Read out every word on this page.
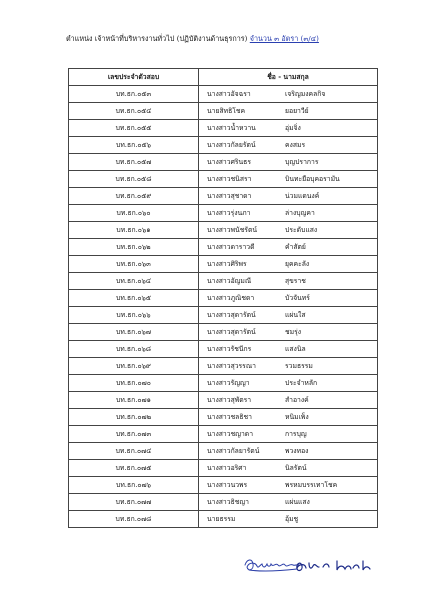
ตำแหน่ง เจ้าหน้าที่บริหารงานทั่วไป (ปฏิบัติงานด้านธุรการ) จำนวน ๓ อัตรา (๓/๔)
เลขประจำตัวสอบ	ชื่อ - นามสกุล
บท.ธก.๐๕๓	นางสาวอัจฉรา เจริญมงคลกิจ
บท.ธก.๐๕๔	นายสิทธิโชค ยอยาวีย์
บท.ธก.๐๕๕	นางสาวน้ำหวาน อุ่มจิ่ง
บท.ธก.๐๕๖	นางสาวกัลยรัตน์ คงสมร
บท.ธก.๐๕๗	นางสาวศรินธร บุญปราการ
บท.ธก.๐๕๘	นางสาวชนิสรา บินทะยือบุคอรามัน
บท.ธก.๐๕๙	นางสาวสุชาดา น่วมแดนงค์
บท.ธก.๐๖๐	นางสาวรุ่งนภา ล่างบุญคา
บท.ธก.๐๖๑	นางสาวพนัชรัตน์ ประดับแสง
บท.ธก.๐๖๒	นางสาวดาราวดี คำสัตย์
บท.ธก.๐๖๓	นางสาวศิริพร ยุคคะลัง
บท.ธก.๐๖๔	นางสาวอัญมณี สุขราช
บท.ธก.๐๖๕	นางสาวภูณิชดา บัวจันทร์
บท.ธก.๐๖๖	นางสาวสุดารัตน์ แผ่นใส
บท.ธก.๐๖๗	นางสาวสุดารัตน์ ชมรุ่ง
บท.ธก.๐๖๘	นางสาวรัชนีกร แสงนิล
บท.ธก.๐๖๙	นางสาวสุวรรณา รวมธรรม
บท.ธก.๐๗๐	นางสาวรัญญา ประจำหลัก
บท.ธก.๐๗๑	นางสาวสุพัตรา สำอางค์
บท.ธก.๐๗๒	นางสาวชลธิชา หนิมเพ็ง
บท.ธก.๐๗๓	นางสาวชญาดา การบุญ
บท.ธก.๐๗๔	นางสาวกัลยารัตน์ พวงทอง
บท.ธก.๐๗๕	นางสาวอริศา นิลรัตน์
บท.ธก.๐๗๖	นางสาวนวพร พรหมบรรเทาโชค
บท.ธก.๐๗๗	นางสาวธิชญา แผ่นแสง
บท.ธก.๐๗๘	นายธรรม อุ้มชู
